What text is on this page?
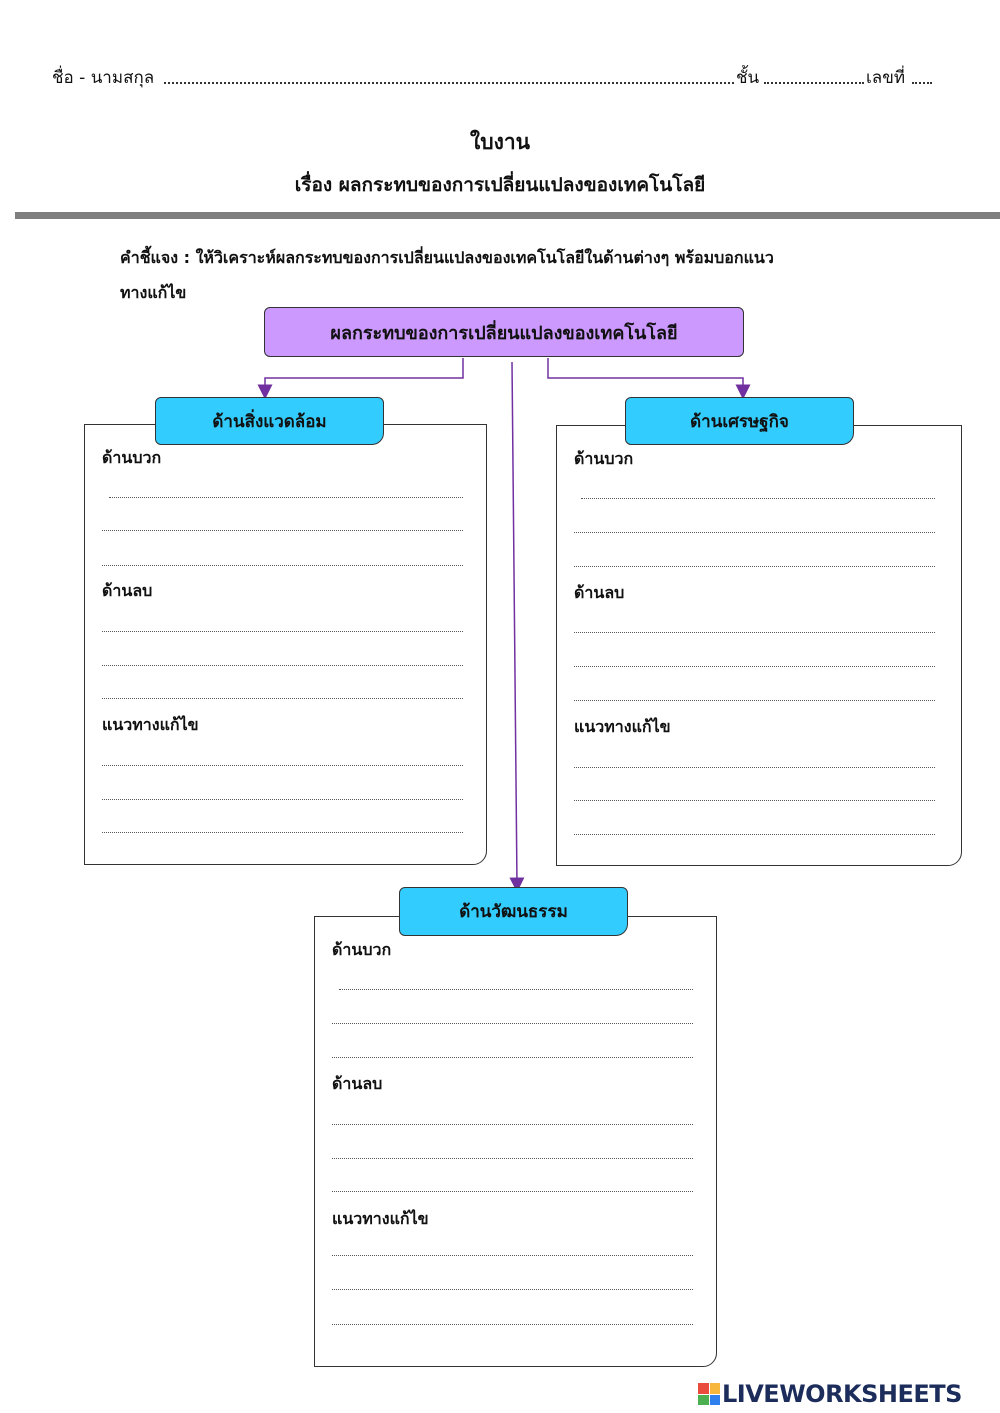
ชื่อ - นามสกุล	ชั้น	เลขที่
ใบงาน
เรื่อง ผลกระทบของการเปลี่ยนแปลงของเทคโนโลยี
คำชี้แจง : ให้วิเคราะห์ผลกระทบของการเปลี่ยนแปลงของเทคโนโลยีในด้านต่างๆ พร้อมบอกแนว
ทางแก้ไข
ผลกระทบของการเปลี่ยนแปลงของเทคโนโลยี
ด้านบวก
ด้านลบ
แนวทางแก้ไข
ด้านสิ่งแวดล้อม
ด้านบวก
ด้านลบ
แนวทางแก้ไข
ด้านเศรษฐกิจ
ด้านบวก
ด้านลบ
แนวทางแก้ไข
ด้านวัฒนธรรม
LIVEWORKSHEETS
